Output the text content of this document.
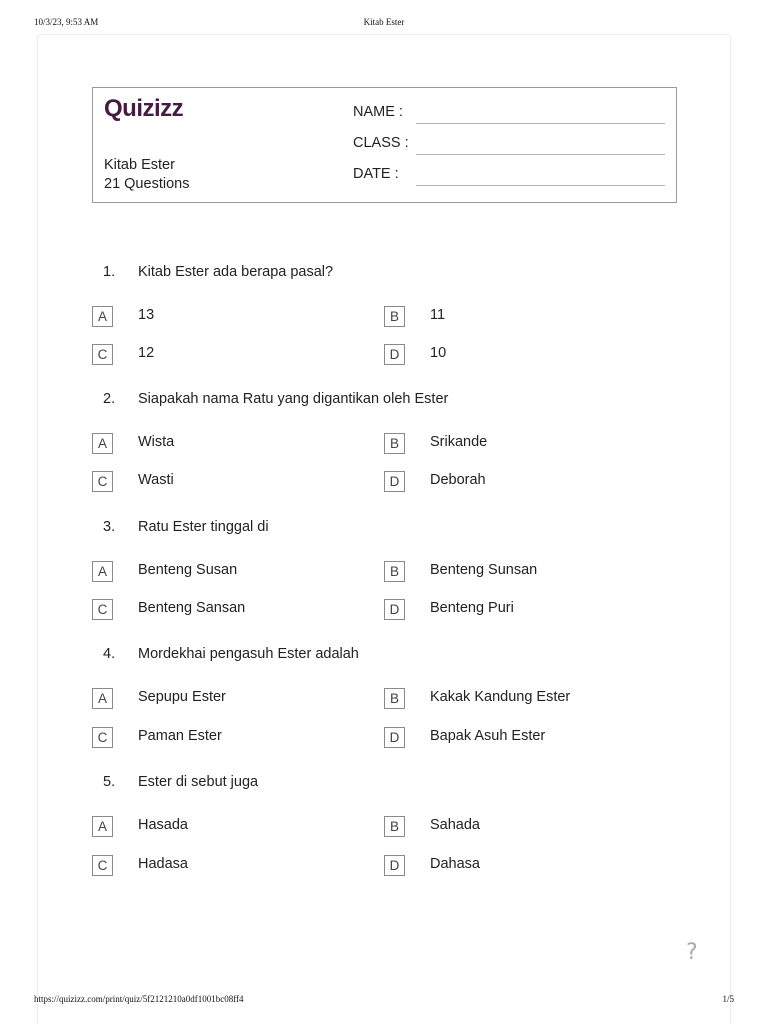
10/3/23, 9:53 AM	Kitab Ester
Quizizz
Kitab Ester
21 Questions
NAME :
CLASS :
DATE :
1. Kitab Ester ada berapa pasal?
A	13	B	11
C	12	D	10
2. Siapakah nama Ratu yang digantikan oleh Ester
A	Wista	B	Srikande
C	Wasti	D	Deborah
3. Ratu Ester tinggal di
A	Benteng Susan	B	Benteng Sunsan
C	Benteng Sansan	D	Benteng Puri
4. Mordekhai pengasuh Ester adalah
A	Sepupu Ester	B	Kakak Kandung Ester
C	Paman Ester	D	Bapak Asuh Ester
5. Ester di sebut juga
A	Hasada	B	Sahada
C	Hadasa	D	Dahasa
?
https://quizizz.com/print/quiz/5f2121210a0df1001bc08ff4	1/5
